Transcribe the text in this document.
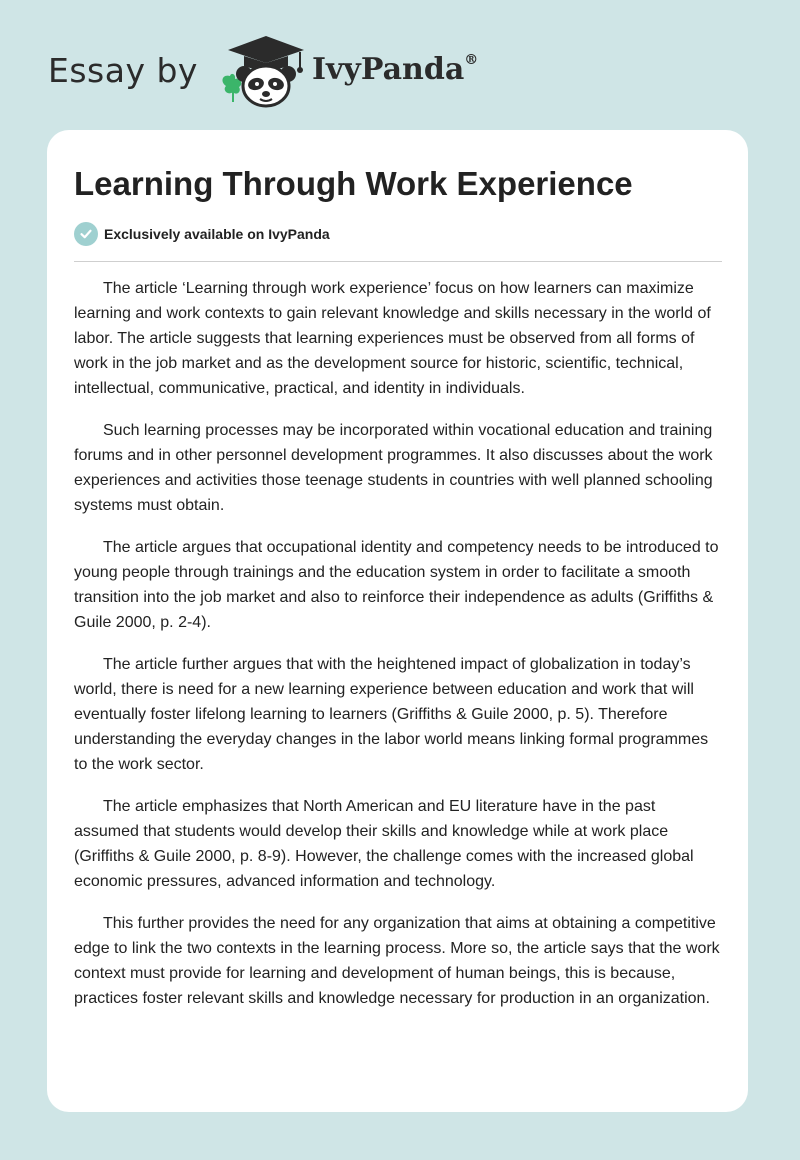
Essay by	IvyPanda®
Learning Through Work Experience
Exclusively available on IvyPanda

The article ‘Learning through work experience’ focus on how learners can maximize learning and work contexts to gain relevant knowledge and skills necessary in the world of labor. The article suggests that learning experiences must be observed from all forms of work in the job market and as the development source for historic, scientific, technical, intellectual, communicative, practical, and identity in individuals.

Such learning processes may be incorporated within vocational education and training forums and in other personnel development programmes. It also discusses about the work experiences and activities those teenage students in countries with well planned schooling systems must obtain.

The article argues that occupational identity and competency needs to be introduced to young people through trainings and the education system in order to facilitate a smooth transition into the job market and also to reinforce their independence as adults (Griffiths & Guile 2000, p. 2-4).

The article further argues that with the heightened impact of globalization in today’s world, there is need for a new learning experience between education and work that will eventually foster lifelong learning to learners (Griffiths & Guile 2000, p. 5). Therefore understanding the everyday changes in the labor world means linking formal programmes to the work sector.

The article emphasizes that North American and EU literature have in the past assumed that students would develop their skills and knowledge while at work place (Griffiths & Guile 2000, p. 8-9). However, the challenge comes with the increased global economic pressures, advanced information and technology.

This further provides the need for any organization that aims at obtaining a competitive edge to link the two contexts in the learning process. More so, the article says that the work context must provide for learning and development of human beings, this is because, practices foster relevant skills and knowledge necessary for production in an organization.
